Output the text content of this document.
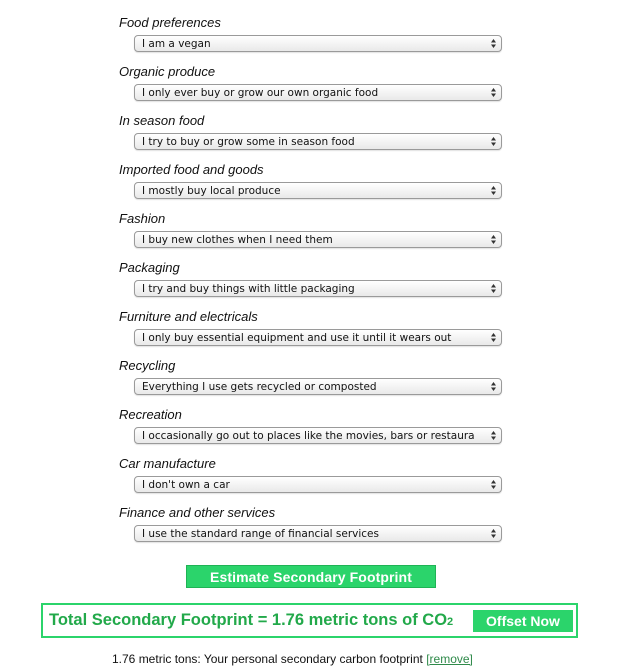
Food preferences
I am a vegan
Organic produce
I only ever buy or grow our own organic food
In season food
I try to buy or grow some in season food
Imported food and goods
I mostly buy local produce
Fashion
I buy new clothes when I need them
Packaging
I try and buy things with little packaging
Furniture and electricals
I only buy essential equipment and use it until it wears out
Recycling
Everything I use gets recycled or composted
Recreation
I occasionally go out to places like the movies, bars or restaura
Car manufacture
I don't own a car
Finance and other services
I use the standard range of financial services
Estimate Secondary Footprint
Total Secondary Footprint = 1.76 metric tons of CO2	Offset Now
1.76 metric tons: Your personal secondary carbon footprint [remove]
